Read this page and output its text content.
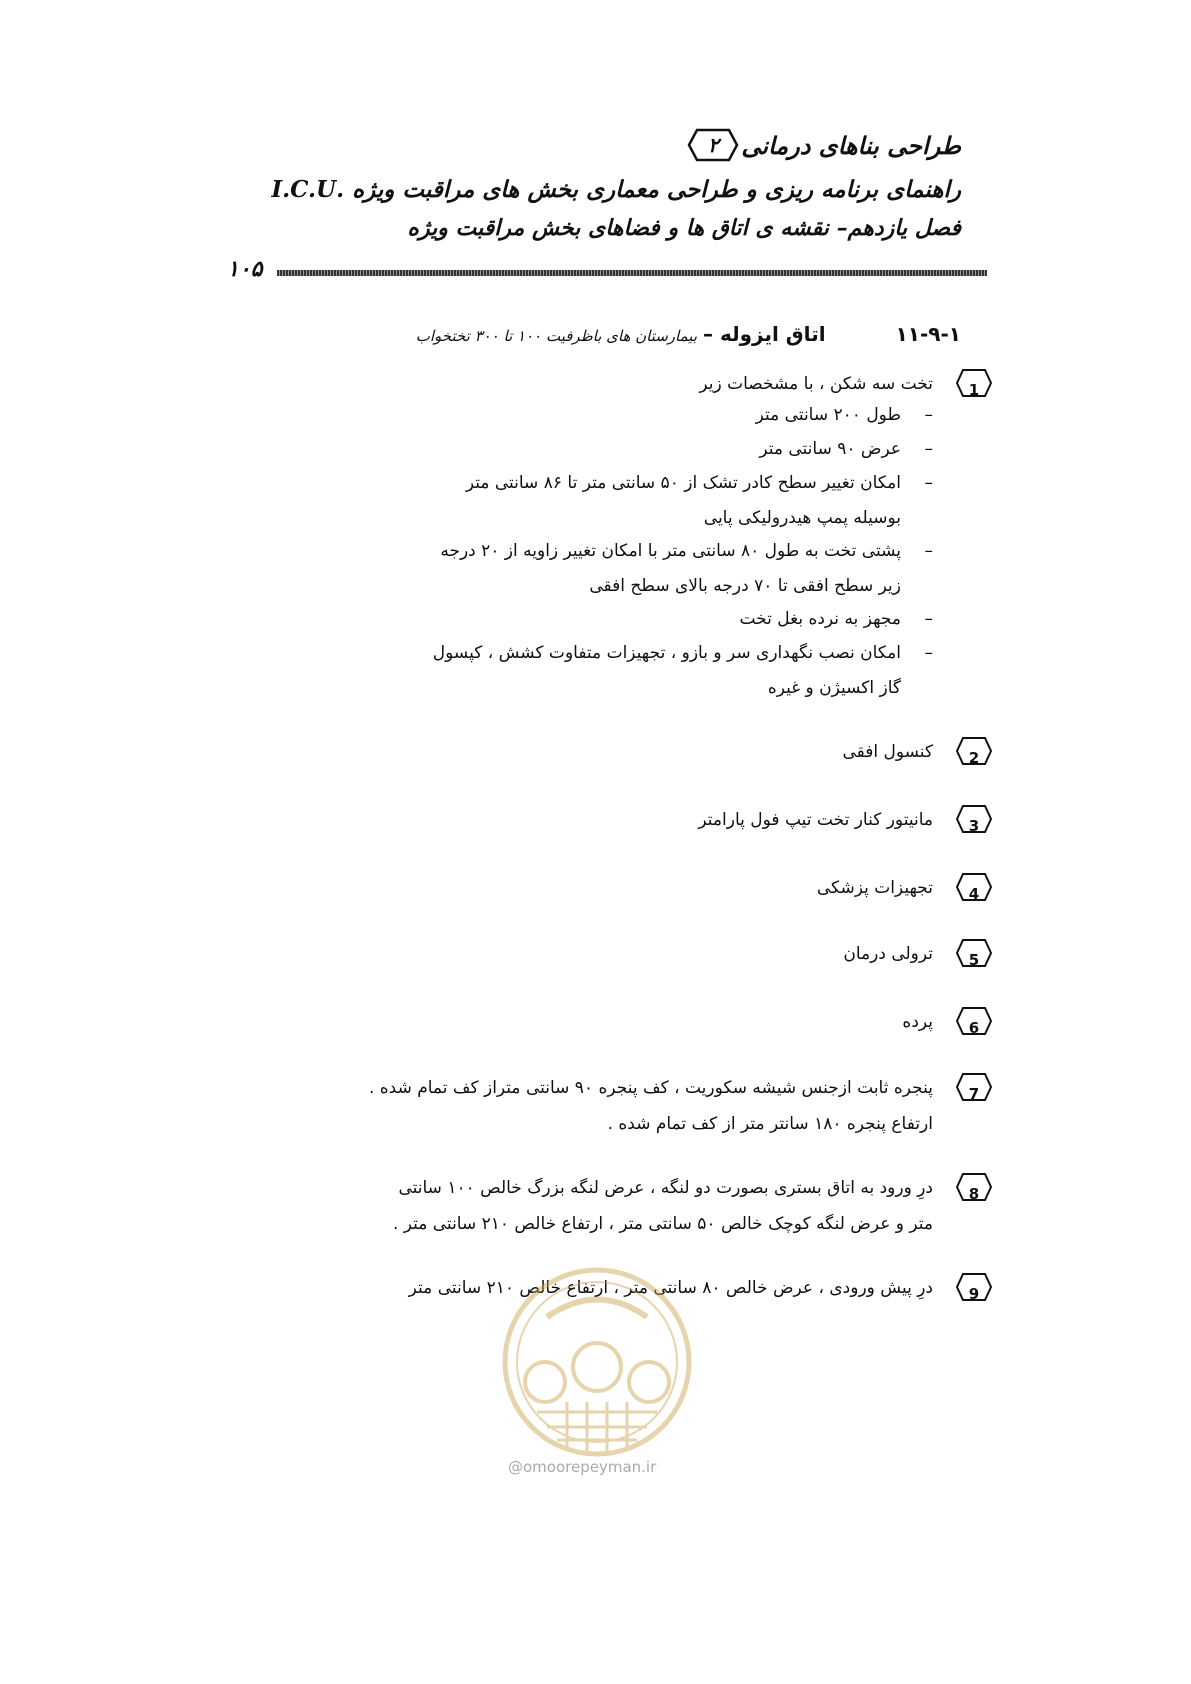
طراحی بناهای درمانی
۲
راهنمای برنامه ریزی و طراحی معماری بخش های مراقبت ویژه .I.C.U
فصل یازدهم– نقشه ی اتاق ها و فضاهای بخش مراقبت ویژه
۱۰۵
۱۱-۹-۱
اتاق ایزوله –
بیمارستان های باظرفیت ۱۰۰ تا ۳۰۰ تختخواب
1
تخت سه شکن ، با مشخصات زیر
–
طول ۲۰۰ سانتی متر
–
عرض ۹۰ سانتی متر
–
امکان تغییر سطح کادر تشک از ۵۰ سانتی متر تا ۸۶ سانتی متر
بوسیله پمپ هیدرولیکی پایی
–
پشتی تخت به طول ۸۰ سانتی متر با امکان تغییر زاویه از ۲۰ درجه
زیر سطح افقی تا ۷۰ درجه بالای سطح افقی
–
مجهز به نرده بغل تخت
–
امکان نصب نگهداری سر و بازو ، تجهیزات متفاوت کشش ، کپسول
گاز اکسیژن و غیره
2
کنسول افقی
3
مانیتور کنار تخت تیپ فول پارامتر
4
تجهیزات پزشکی
5
ترولی درمان
6
پرده
7
پنجره ثابت ازجنس شیشه سکوریت ، کف پنجره ۹۰ سانتی متراز کف تمام شده .
ارتفاع پنجره ۱۸۰ سانتر متر از کف تمام شده .
8
درِ ورود به اتاق بستری بصورت دو لنگه ، عرض لنگه بزرگ خالص ۱۰۰ سانتی
متر و عرض لنگه کوچک خالص ۵۰ سانتی متر ، ارتفاع خالص ۲۱۰ سانتی متر .
9
درِ پیش ورودی ، عرض خالص ۸۰ سانتی متر ، ارتفاع خالص ۲۱۰ سانتی متر
@omoorepeyman.ir
